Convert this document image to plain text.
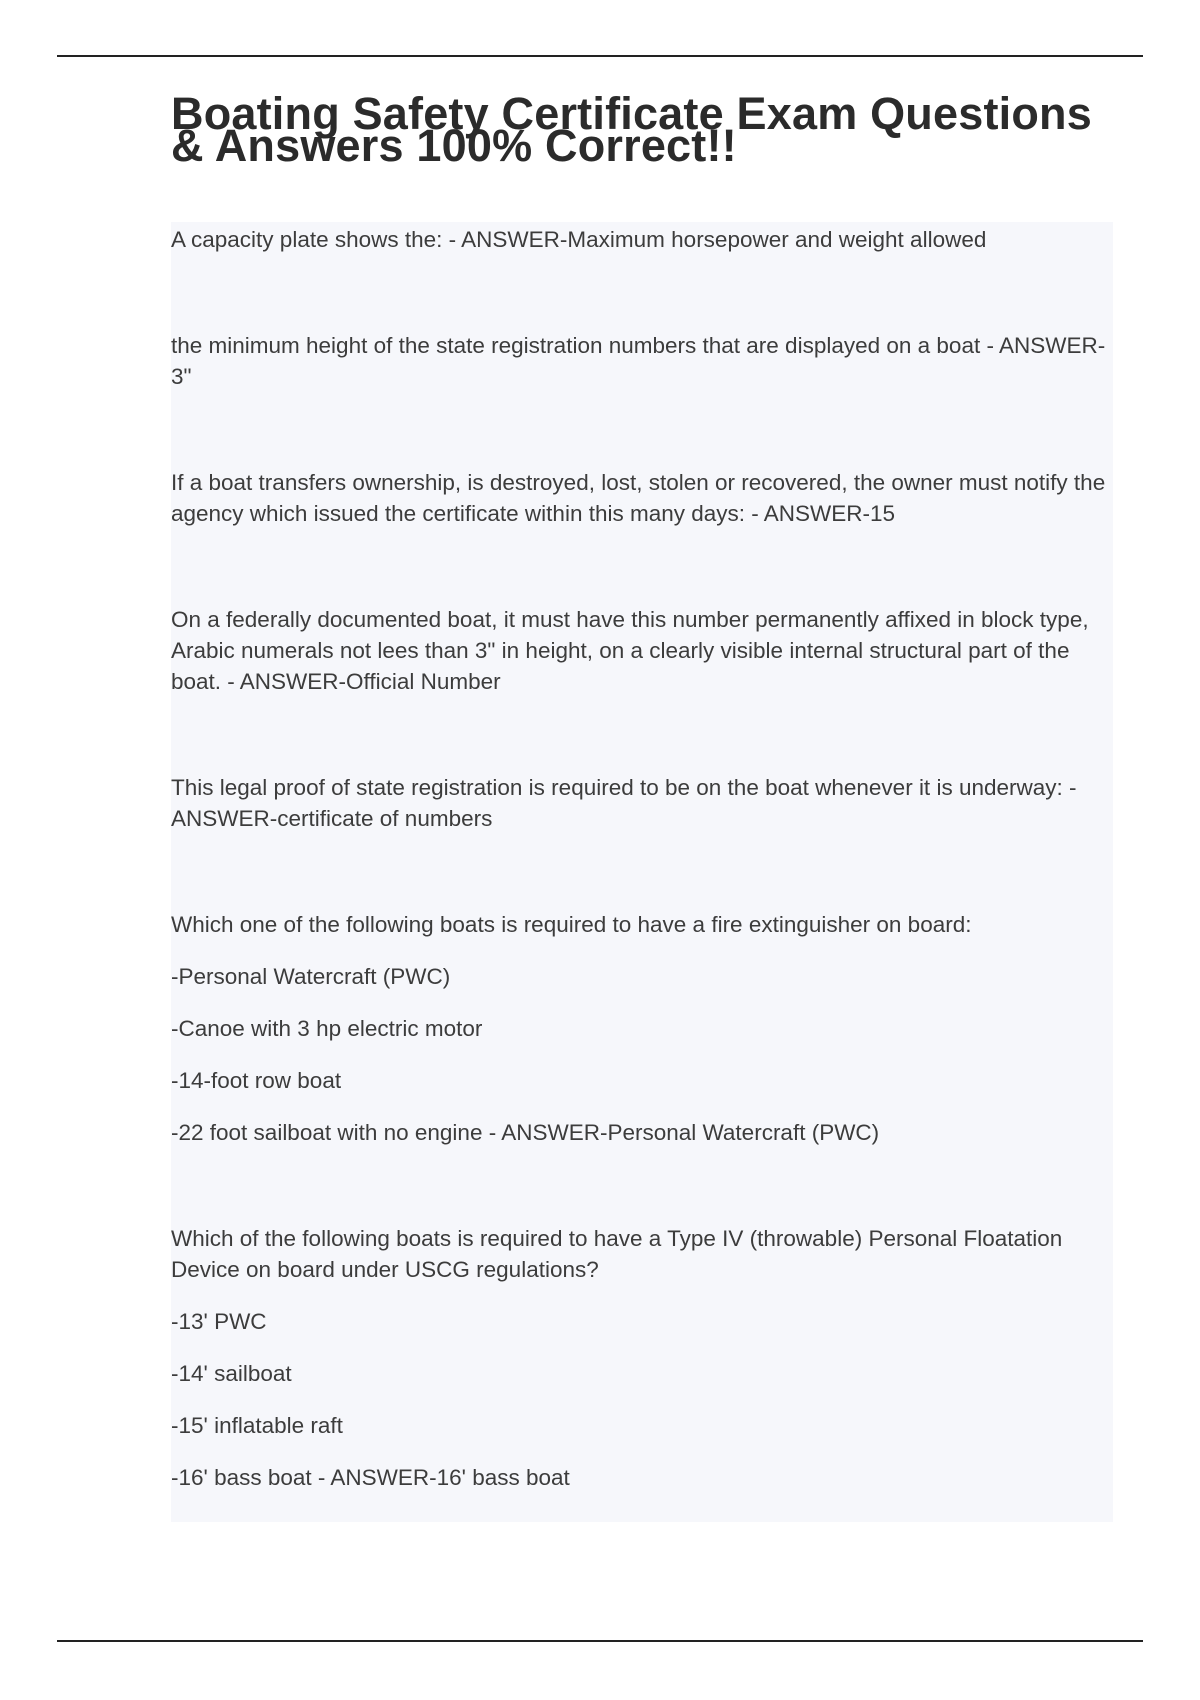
Boating Safety Certificate Exam Questions & Answers 100% Correct!!

A capacity plate shows the: - ANSWER-Maximum horsepower and weight allowed

the minimum height of the state registration numbers that are displayed on a boat - ANSWER-3"

If a boat transfers ownership, is destroyed, lost, stolen or recovered, the owner must notify the agency which issued the certificate within this many days: - ANSWER-15

On a federally documented boat, it must have this number permanently affixed in block type, Arabic numerals not lees than 3" in height, on a clearly visible internal structural part of the boat. - ANSWER-Official Number

This legal proof of state registration is required to be on the boat whenever it is underway: - ANSWER-certificate of numbers

Which one of the following boats is required to have a fire extinguisher on board:

-Personal Watercraft (PWC)

-Canoe with 3 hp electric motor

-14-foot row boat

-22 foot sailboat with no engine - ANSWER-Personal Watercraft (PWC)

Which of the following boats is required to have a Type IV (throwable) Personal Floatation Device on board under USCG regulations?

-13' PWC

-14' sailboat

-15' inflatable raft

-16' bass boat - ANSWER-16' bass boat
